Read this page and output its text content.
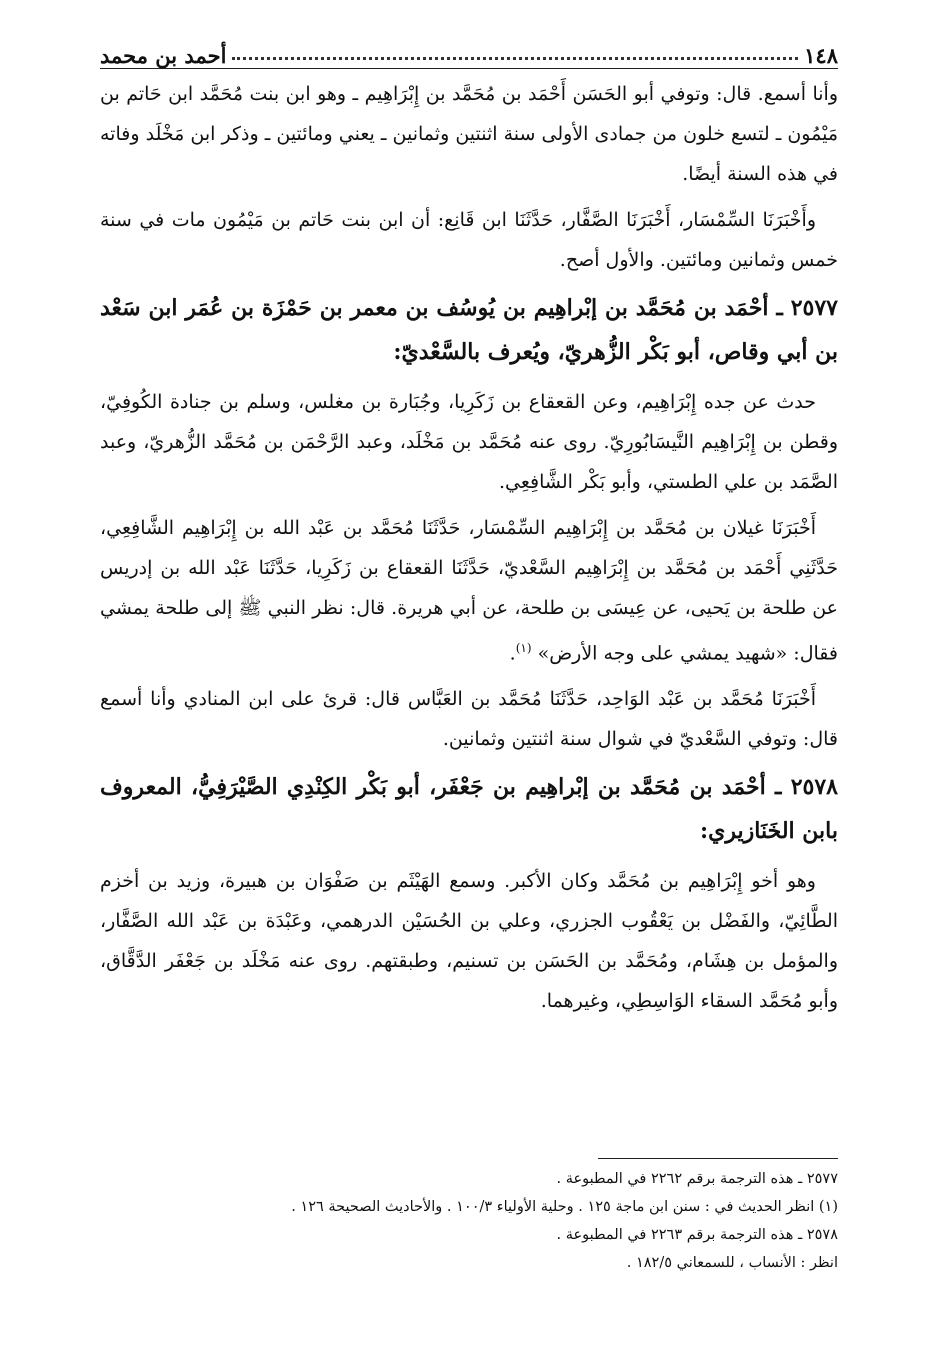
١٤٨
أحمد بن محمد

وأنا أسمع. قال: وتوفي أبو الحَسَن أَحْمَد بن مُحَمَّد بن إِبْرَاهِيم ـ وهو ابن بنت مُحَمَّد ابن حَاتم بن مَيْمُون ـ لتسع خلون من جمادى الأولى سنة اثنتين وثمانين ـ يعني ومائتين ـ وذكر ابن مَخْلَد وفاته في هذه السنة أيضًا.

وأَخْبَرَنَا السِّمْسَار، أَخْبَرَنَا الصَّفَّار، حَدَّثَنَا ابن قَانِع: أن ابن بنت حَاتم بن مَيْمُون مات في سنة خمس وثمانين ومائتين. والأول أصح.

٢٥٧٧ ـ أحْمَد بن مُحَمَّد بن إبْراهِيم بن يُوسُف بن معمر بن حَمْزَة بن عُمَر ابن سَعْد بن أبي وقاص، أبو بَكْر الزُّهريّ، ويُعرف بالسَّعْديّ:

حدث عن جده إِبْرَاهِيم، وعن القعقاع بن زَكَرِيا، وجُبَارة بن مغلس، وسلم بن جنادة الكُوفِيّ، وقطن بن إِبْرَاهِيم النَّيسَابُورِيّ. روى عنه مُحَمَّد بن مَخْلَد، وعبد الرَّحْمَن بن مُحَمَّد الزُّهريّ، وعبد الصَّمَد بن علي الطستي، وأبو بَكْر الشَّافِعِي.

أَخْبَرَنَا غيلان بن مُحَمَّد بن إِبْرَاهِيم السِّمْسَار، حَدَّثَنَا مُحَمَّد بن عَبْد الله بن إِبْرَاهِيم الشَّافِعِي، حَدَّثَنِي أَحْمَد بن مُحَمَّد بن إِبْرَاهِيم السَّعْديّ، حَدَّثَنَا القعقاع بن زَكَرِيا، حَدَّثَنَا عَبْد الله بن إدريس عن طلحة بن يَحيى، عن عِيسَى بن طلحة، عن أبي هريرة. قال: نظر النبي ﷺ إلى طلحة يمشي فقال: «شهيد يمشي على وجه الأرض» $^{(١)}$.

أَخْبَرَنَا مُحَمَّد بن عَبْد الوَاحِد، حَدَّثَنَا مُحَمَّد بن العَبَّاس قال: قرئ على ابن المنادي وأنا أسمع قال: وتوفي السَّعْديّ في شوال سنة اثنتين وثمانين.

٢٥٧٨ ـ أحْمَد بن مُحَمَّد بن إبْراهِيم بن جَعْفَر، أبو بَكْر الكِنْدِي الصَّيْرَفِيُّ، المعروف بابن الخَنَازيري:

وهو أخو إِبْرَاهِيم بن مُحَمَّد وكان الأكبر. وسمع الهَيْثَم بن صَفْوَان بن هبيرة، وزيد بن أخزم الطَّائِيّ، والفَضْل بن يَعْقُوب الجزري، وعلي بن الحُسَيْن الدرهمي، وعَبْدَة بن عَبْد الله الصَّفَّار، والمؤمل بن هِشَام، ومُحَمَّد بن الحَسَن بن تسنيم، وطبقتهم. روى عنه مَخْلَد بن جَعْفَر الدَّقَّاق، وأبو مُحَمَّد السقاء الوَاسِطِي، وغيرهما.

٢٥٧٧ ـ هذه الترجمة برقم ٢٢٦٢ في المطبوعة .

(١) انظر الحديث في : سنن ابن ماجة ١٢٥ . وحلية الأولياء ١٠٠/٣ . والأحاديث الصحيحة ١٢٦ .

٢٥٧٨ ـ هذه الترجمة برقم ٢٢٦٣ في المطبوعة .

انظر : الأنساب ، للسمعاني ١٨٢/٥ .
